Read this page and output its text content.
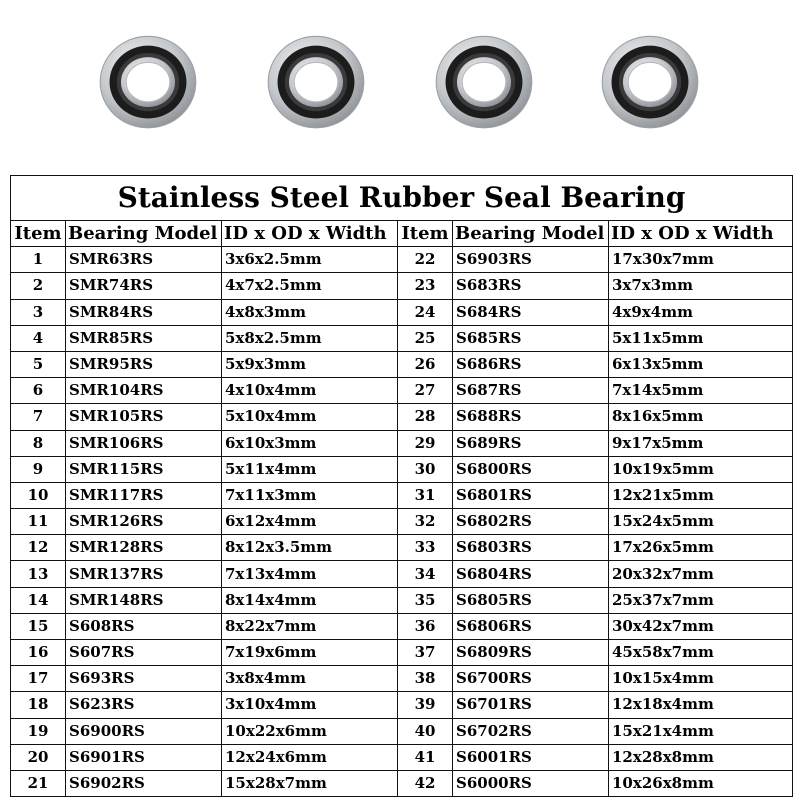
Stainless Steel Rubber Seal Bearing					
Item	Bearing Model	ID x OD x Width	Item	Bearing Model	ID x OD x Width
1	SMR63RS	3x6x2.5mm	22	S6903RS	17x30x7mm
2	SMR74RS	4x7x2.5mm	23	S683RS	3x7x3mm
3	SMR84RS	4x8x3mm	24	S684RS	4x9x4mm
4	SMR85RS	5x8x2.5mm	25	S685RS	5x11x5mm
5	SMR95RS	5x9x3mm	26	S686RS	6x13x5mm
6	SMR104RS	4x10x4mm	27	S687RS	7x14x5mm
7	SMR105RS	5x10x4mm	28	S688RS	8x16x5mm
8	SMR106RS	6x10x3mm	29	S689RS	9x17x5mm
9	SMR115RS	5x11x4mm	30	S6800RS	10x19x5mm
10	SMR117RS	7x11x3mm	31	S6801RS	12x21x5mm
11	SMR126RS	6x12x4mm	32	S6802RS	15x24x5mm
12	SMR128RS	8x12x3.5mm	33	S6803RS	17x26x5mm
13	SMR137RS	7x13x4mm	34	S6804RS	20x32x7mm
14	SMR148RS	8x14x4mm	35	S6805RS	25x37x7mm
15	S608RS	8x22x7mm	36	S6806RS	30x42x7mm
16	S607RS	7x19x6mm	37	S6809RS	45x58x7mm
17	S693RS	3x8x4mm	38	S6700RS	10x15x4mm
18	S623RS	3x10x4mm	39	S6701RS	12x18x4mm
19	S6900RS	10x22x6mm	40	S6702RS	15x21x4mm
20	S6901RS	12x24x6mm	41	S6001RS	12x28x8mm
21	S6902RS	15x28x7mm	42	S6000RS	10x26x8mm
